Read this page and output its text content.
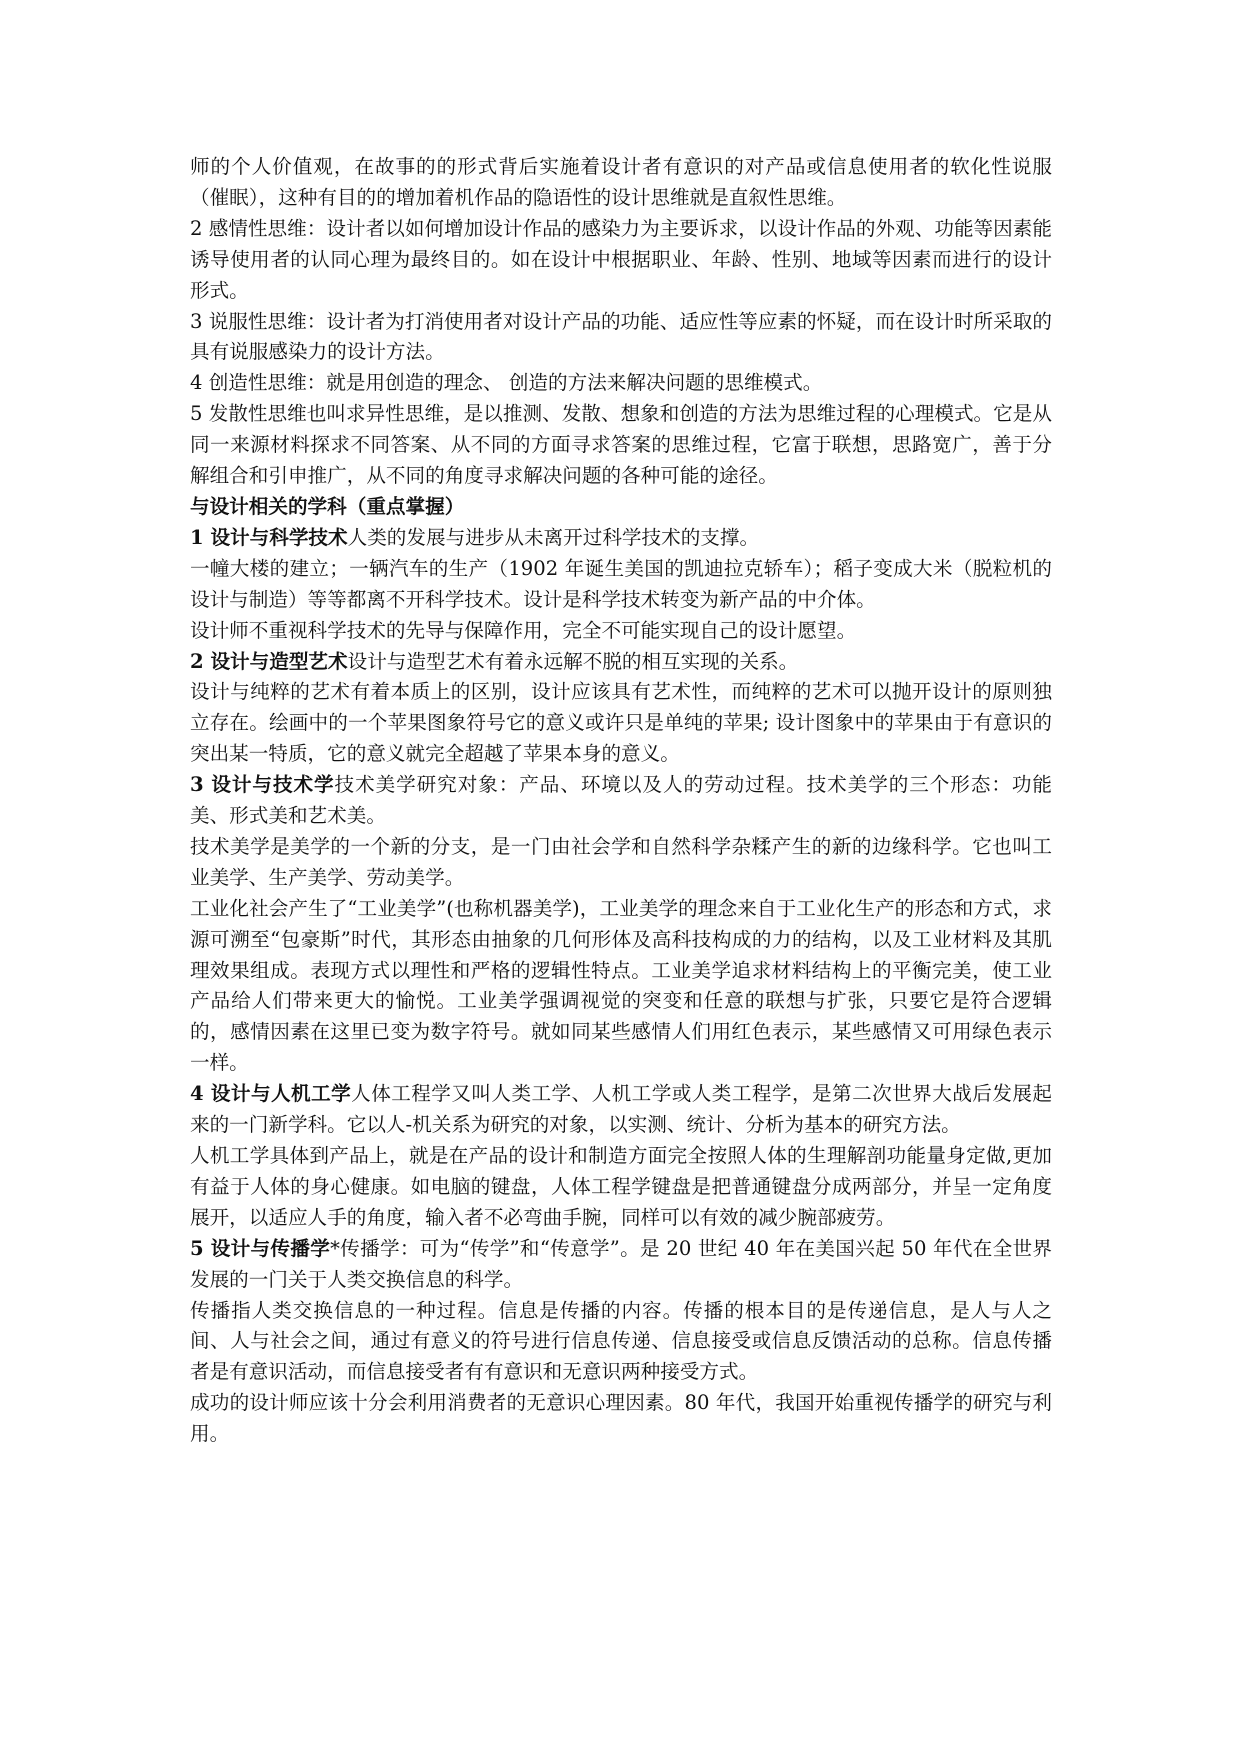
师的个人价值观，在故事的的形式背后实施着设计者有意识的对产品或信息使用者的软化性说服（催眠），这种有目的的增加着机作品的隐语性的设计思维就是直叙性思维。

2 感情性思维：设计者以如何增加设计作品的感染力为主要诉求，以设计作品的外观、功能等因素能诱导使用者的认同心理为最终目的。如在设计中根据职业、年龄、性别、地域等因素而进行的设计形式。

3 说服性思维：设计者为打消使用者对设计产品的功能、适应性等应素的怀疑，而在设计时所采取的具有说服感染力的设计方法。

4 创造性思维：就是用创造的理念、 创造的方法来解决问题的思维模式。

5 发散性思维也叫求异性思维，是以推测、发散、想象和创造的方法为思维过程的心理模式。它是从同一来源材料探求不同答案、从不同的方面寻求答案的思维过程，它富于联想，思路宽广，善于分解组合和引申推广，从不同的角度寻求解决问题的各种可能的途径。

与设计相关的学科（重点掌握）

1 设计与科学技术人类的发展与进步从未离开过科学技术的支撑。

一幢大楼的建立；一辆汽车的生产（1902 年诞生美国的凯迪拉克轿车）；稻子变成大米（脱粒机的设计与制造）等等都离不开科学技术。设计是科学技术转变为新产品的中介体。

设计师不重视科学技术的先导与保障作用，完全不可能实现自己的设计愿望。

2 设计与造型艺术设计与造型艺术有着永远解不脱的相互实现的关系。

设计与纯粹的艺术有着本质上的区别，设计应该具有艺术性，而纯粹的艺术可以抛开设计的原则独立存在。绘画中的一个苹果图象符号它的意义或许只是单纯的苹果; 设计图象中的苹果由于有意识的突出某一特质，它的意义就完全超越了苹果本身的意义。

3 设计与技术学技术美学研究对象：产品、环境以及人的劳动过程。技术美学的三个形态：功能美、形式美和艺术美。

技术美学是美学的一个新的分支，是一门由社会学和自然科学杂糅产生的新的边缘科学。它也叫工业美学、生产美学、劳动美学。

工业化社会产生了“工业美学”(也称机器美学)，工业美学的理念来自于工业化生产的形态和方式，求源可溯至“包豪斯”时代，其形态由抽象的几何形体及高科技构成的力的结构，以及工业材料及其肌理效果组成。表现方式以理性和严格的逻辑性特点。工业美学追求材料结构上的平衡完美，使工业产品给人们带来更大的愉悦。工业美学强调视觉的突变和任意的联想与扩张，只要它是符合逻辑的，感情因素在这里已变为数字符号。就如同某些感情人们用红色表示，某些感情又可用绿色表示一样。

4 设计与人机工学人体工程学又叫人类工学、人机工学或人类工程学，是第二次世界大战后发展起来的一门新学科。它以人-机关系为研究的对象，以实测、统计、分析为基本的研究方法。

人机工学具体到产品上，就是在产品的设计和制造方面完全按照人体的生理解剖功能量身定做,更加有益于人体的身心健康。如电脑的键盘，人体工程学键盘是把普通键盘分成两部分，并呈一定角度展开，以适应人手的角度，输入者不必弯曲手腕，同样可以有效的减少腕部疲劳。

5 设计与传播学*传播学：可为“传学”和“传意学”。是 20 世纪 40 年在美国兴起 50 年代在全世界发展的一门关于人类交换信息的科学。

传播指人类交换信息的一种过程。信息是传播的内容。传播的根本目的是传递信息，是人与人之间、人与社会之间，通过有意义的符号进行信息传递、信息接受或信息反馈活动的总称。信息传播者是有意识活动，而信息接受者有有意识和无意识两种接受方式。

成功的设计师应该十分会利用消费者的无意识心理因素。80 年代，我国开始重视传播学的研究与利用。
